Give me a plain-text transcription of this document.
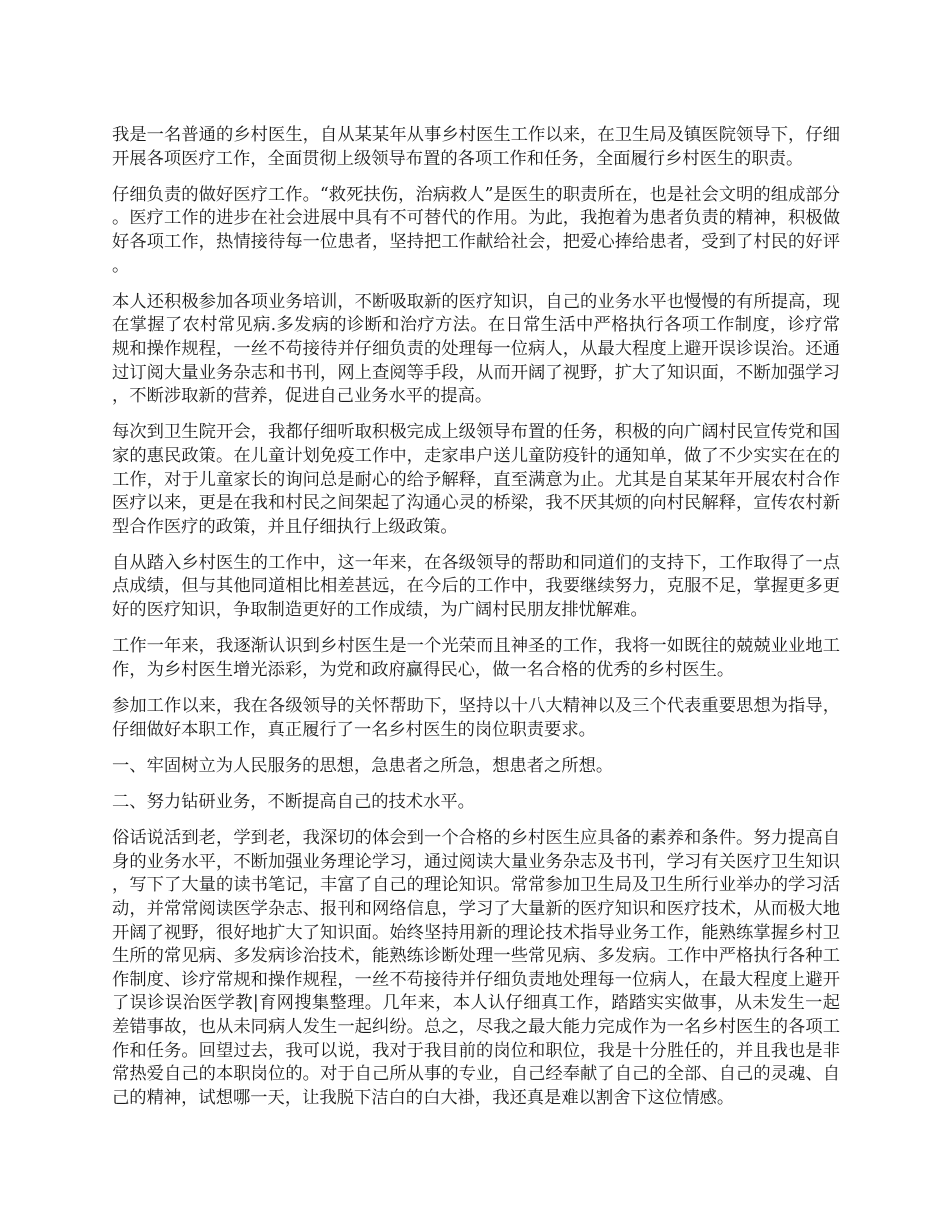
我是一名普通的乡村医生，自从某某年从事乡村医生工作以来，在卫生局及镇医院领导下，仔细开展各项医疗工作，全面贯彻上级领导布置的各项工作和任务，全面履行乡村医生的职责。

仔细负责的做好医疗工作。“救死扶伤，治病救人”是医生的职责所在，也是社会文明的组成部分。医疗工作的进步在社会进展中具有不可替代的作用。为此，我抱着为患者负责的精神，积极做好各项工作，热情接待每一位患者，坚持把工作献给社会，把爱心捧给患者，受到了村民的好评。

本人还积极参加各项业务培训，不断吸取新的医疗知识，自己的业务水平也慢慢的有所提高，现在掌握了农村常见病.多发病的诊断和治疗方法。在日常生活中严格执行各项工作制度，诊疗常规和操作规程，一丝不苟接待并仔细负责的处理每一位病人，从最大程度上避开误诊误治。还通过订阅大量业务杂志和书刊，网上查阅等手段，从而开阔了视野，扩大了知识面，不断加强学习，不断涉取新的营养，促进自己业务水平的提高。

每次到卫生院开会，我都仔细听取积极完成上级领导布置的任务，积极的向广阔村民宣传党和国家的惠民政策。在儿童计划免疫工作中，走家串户送儿童防疫针的通知单，做了不少实实在在的工作，对于儿童家长的询问总是耐心的给予解释，直至满意为止。尤其是自某某年开展农村合作医疗以来，更是在我和村民之间架起了沟通心灵的桥梁，我不厌其烦的向村民解释，宣传农村新型合作医疗的政策，并且仔细执行上级政策。

自从踏入乡村医生的工作中，这一年来，在各级领导的帮助和同道们的支持下，工作取得了一点点成绩，但与其他同道相比相差甚远，在今后的工作中，我要继续努力，克服不足，掌握更多更好的医疗知识，争取制造更好的工作成绩，为广阔村民朋友排忧解难。

工作一年来，我逐渐认识到乡村医生是一个光荣而且神圣的工作，我将一如既往的兢兢业业地工作，为乡村医生增光添彩，为党和政府赢得民心，做一名合格的优秀的乡村医生。

参加工作以来，我在各级领导的关怀帮助下，坚持以十八大精神以及三个代表重要思想为指导，仔细做好本职工作，真正履行了一名乡村医生的岗位职责要求。

一、牢固树立为人民服务的思想，急患者之所急，想患者之所想。

二、努力钻研业务，不断提高自己的技术水平。

俗话说活到老，学到老，我深切的体会到一个合格的乡村医生应具备的素养和条件。努力提高自身的业务水平，不断加强业务理论学习，通过阅读大量业务杂志及书刊，学习有关医疗卫生知识，写下了大量的读书笔记，丰富了自己的理论知识。常常参加卫生局及卫生所行业举办的学习活动，并常常阅读医学杂志、报刊和网络信息，学习了大量新的医疗知识和医疗技术，从而极大地开阔了视野，很好地扩大了知识面。始终坚持用新的理论技术指导业务工作，能熟练掌握乡村卫生所的常见病、多发病诊治技术，能熟练诊断处理一些常见病、多发病。工作中严格执行各种工作制度、诊疗常规和操作规程，一丝不苟接待并仔细负责地处理每一位病人，在最大程度上避开了误诊误治医学教|育网搜集整理。几年来，本人认仔细真工作，踏踏实实做事，从未发生一起差错事故，也从未同病人发生一起纠纷。总之，尽我之最大能力完成作为一名乡村医生的各项工作和任务。回望过去，我可以说，我对于我目前的岗位和职位，我是十分胜任的，并且我也是非常热爱自己的本职岗位的。对于自己所从事的专业，自己经奉献了自己的全部、自己的灵魂、自己的精神，试想哪一天，让我脱下洁白的白大褂，我还真是难以割舍下这位情感。
